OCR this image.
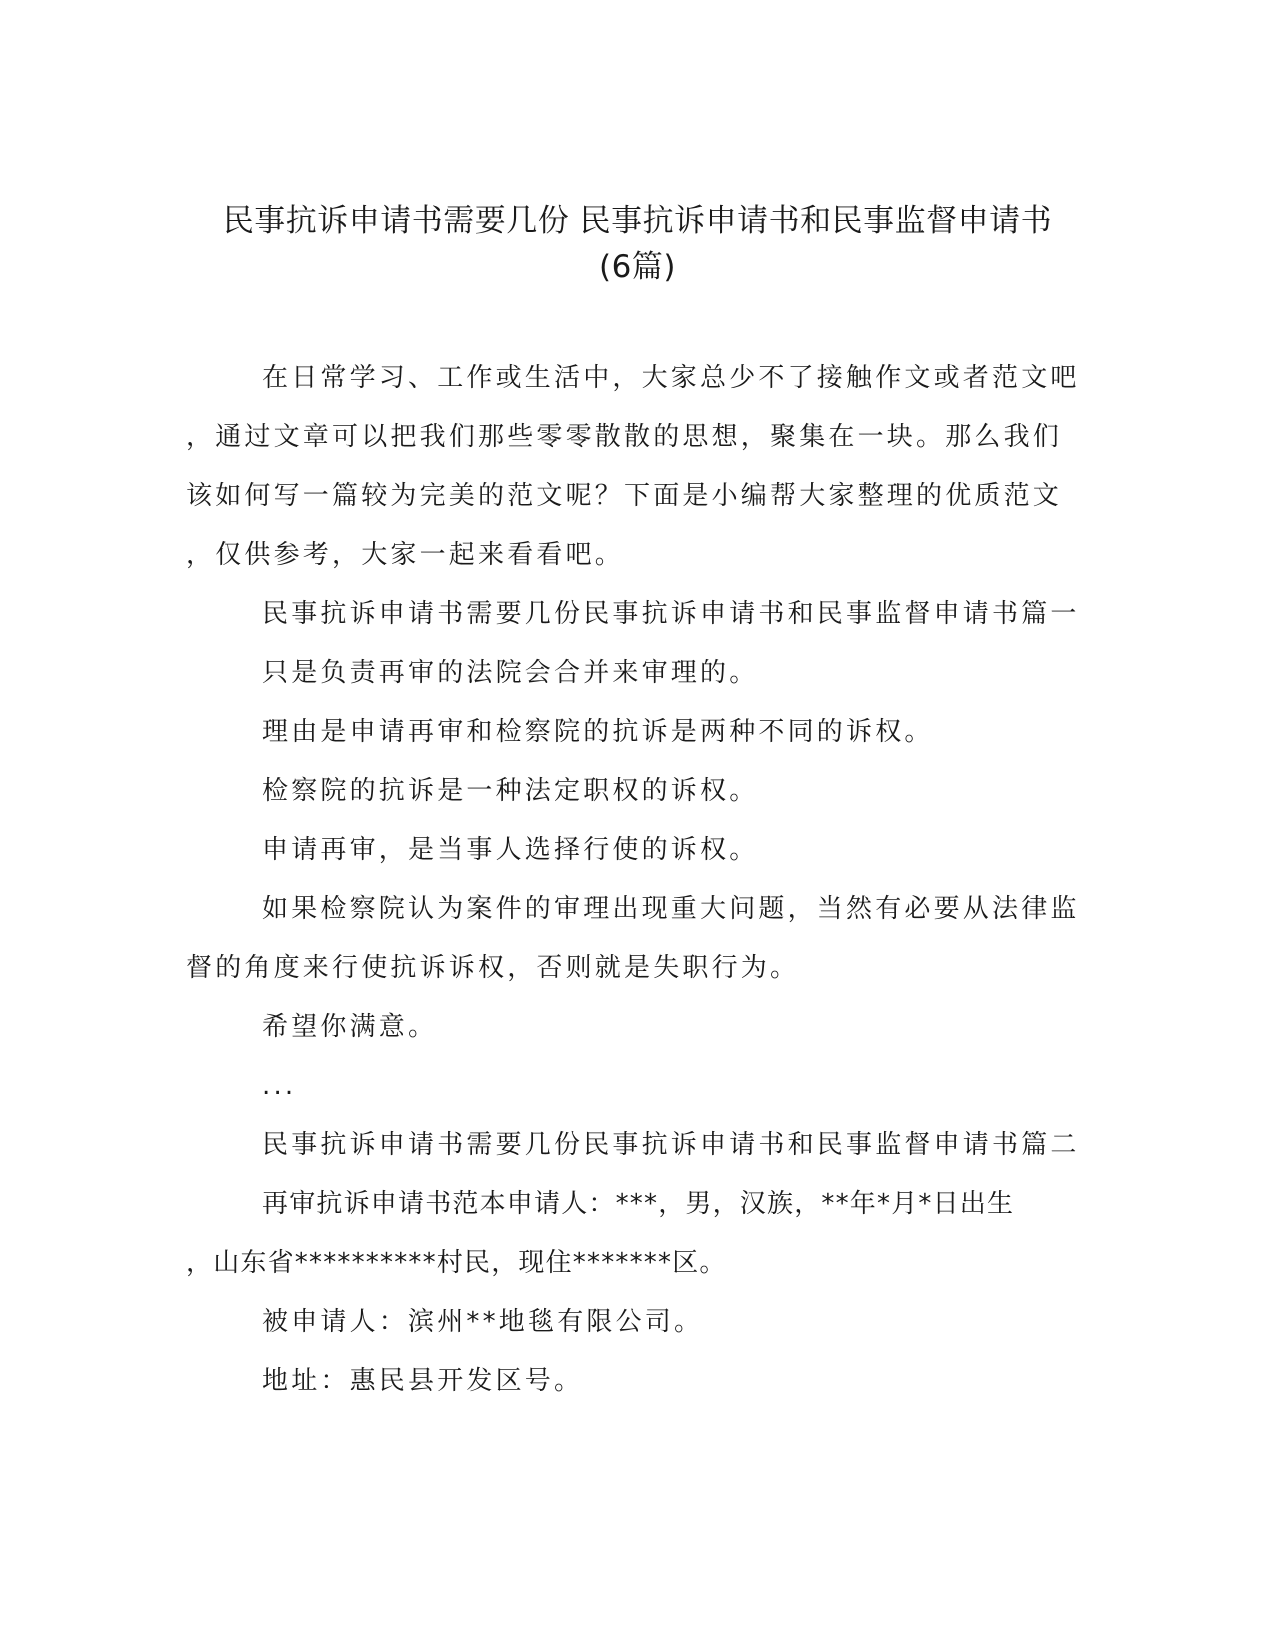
民事抗诉申请书需要几份 民事抗诉申请书和民事监督申请书
(6篇)
在日常学习、工作或生活中，大家总少不了接触作文或者范文吧
，通过文章可以把我们那些零零散散的思想，聚集在一块。那么我们
该如何写一篇较为完美的范文呢？下面是小编帮大家整理的优质范文
，仅供参考，大家一起来看看吧。
民事抗诉申请书需要几份民事抗诉申请书和民事监督申请书篇一
只是负责再审的法院会合并来审理的。
理由是申请再审和检察院的抗诉是两种不同的诉权。
检察院的抗诉是一种法定职权的诉权。
申请再审，是当事人选择行使的诉权。
如果检察院认为案件的审理出现重大问题，当然有必要从法律监
督的角度来行使抗诉诉权，否则就是失职行为。
希望你满意。
...
民事抗诉申请书需要几份民事抗诉申请书和民事监督申请书篇二
再审抗诉申请书范本申请人：***，男，汉族，**年*月*日出生
，山东省**********村民，现住*******区。
被申请人：滨州**地毯有限公司。
地址：惠民县开发区号。
